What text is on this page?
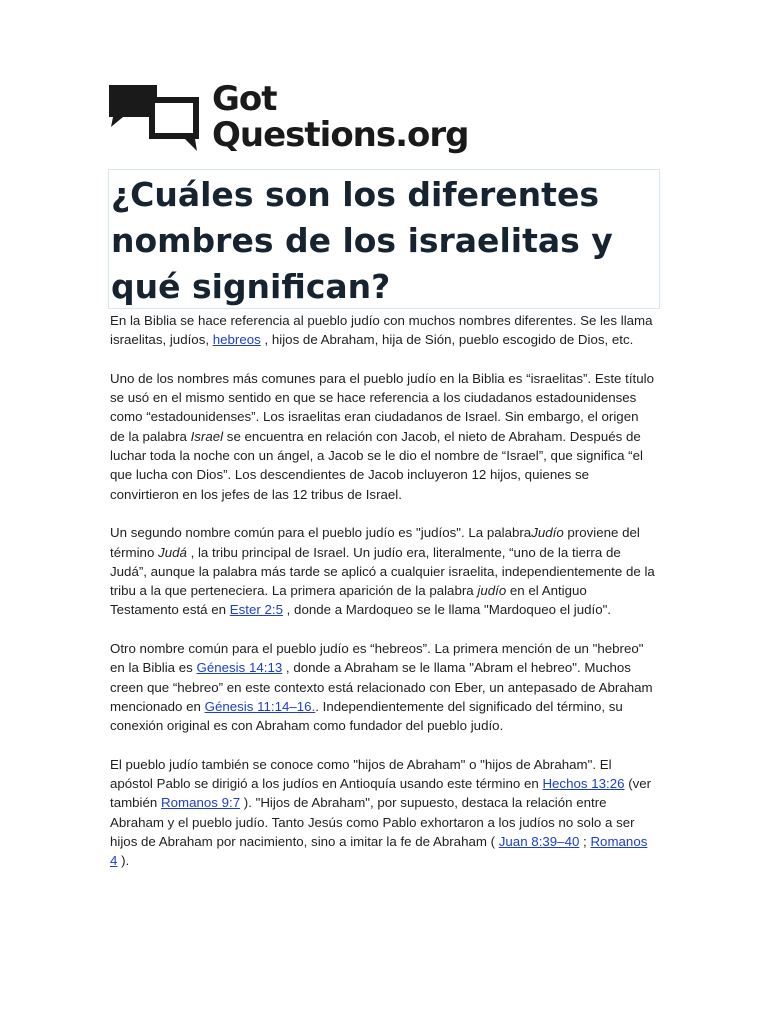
Got
Questions.org
¿Cuáles son los diferentes nombres de los israelitas y qué significan?

En la Biblia se hace referencia al pueblo judío con muchos nombres diferentes. Se les llama israelitas, judíos, hebreos , hijos de Abraham, hija de Sión, pueblo escogido de Dios, etc.

Uno de los nombres más comunes para el pueblo judío en la Biblia es “israelitas”. Este título se usó en el mismo sentido en que se hace referencia a los ciudadanos estadounidenses como “estadounidenses”. Los israelitas eran ciudadanos de Israel. Sin embargo, el origen de la palabra Israel se encuentra en relación con Jacob, el nieto de Abraham. Después de luchar toda la noche con un ángel, a Jacob se le dio el nombre de “Israel”, que significa “el que lucha con Dios”. Los descendientes de Jacob incluyeron 12 hijos, quienes se convirtieron en los jefes de las 12 tribus de Israel.

Un segundo nombre común para el pueblo judío es "judíos". La palabraJudío proviene del término Judá , la tribu principal de Israel. Un judío era, literalmente, “uno de la tierra de Judá”, aunque la palabra más tarde se aplicó a cualquier israelita, independientemente de la tribu a la que perteneciera. La primera aparición de la palabra judío en el Antiguo Testamento está en Ester 2:5 , donde a Mardoqueo se le llama "Mardoqueo el judío".

Otro nombre común para el pueblo judío es “hebreos”. La primera mención de un "hebreo" en la Biblia es Génesis 14:13 , donde a Abraham se le llama "Abram el hebreo". Muchos creen que “hebreo” en este contexto está relacionado con Eber, un antepasado de Abraham mencionado en Génesis 11:14–16.. Independientemente del significado del término, su conexión original es con Abraham como fundador del pueblo judío.

El pueblo judío también se conoce como "hijos de Abraham" o "hijos de Abraham". El apóstol Pablo se dirigió a los judíos en Antioquía usando este término en Hechos 13:26 (ver también Romanos 9:7 ). "Hijos de Abraham", por supuesto, destaca la relación entre Abraham y el pueblo judío. Tanto Jesús como Pablo exhortaron a los judíos no solo a ser hijos de Abraham por nacimiento, sino a imitar la fe de Abraham ( Juan 8:39–40 ; Romanos 4 ).
